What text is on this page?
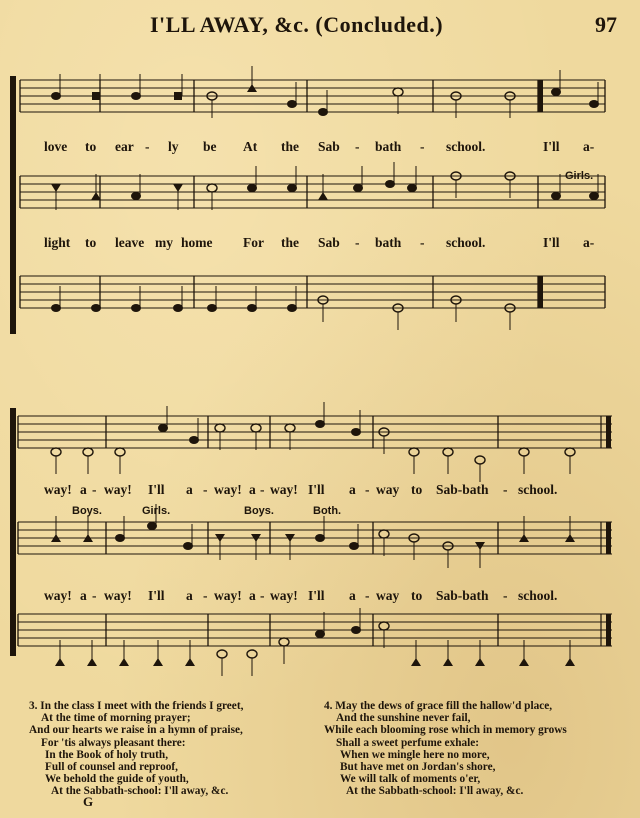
I'LL AWAY, &c. (Concluded.)	97
love to ear - ly be At the Sab - bath - school.	I'll a-
light to leave my home For the Sab - bath - school.	I'll a-
Girls.
way! a - way! I'll a - way! a - way! I'll a - way to Sab-bath - school.
way! a - way! I'll a - way! a - way! I'll a - way to Sab-bath - school.
Boys.	Girls.	Boys.	Both.
3. In the class I meet with the friends I greet,
At the time of morning prayer;
And our hearts we raise in a hymn of praise,
For 'tis always pleasant there:
In the Book of holy truth,
Full of counsel and reproof,
We behold the guide of youth,
At the Sabbath-school: I'll away, &c.
4. May the dews of grace fill the hallow'd place,
And the sunshine never fail,
While each blooming rose which in memory grows
Shall a sweet perfume exhale:
When we mingle here no more,
But have met on Jordan's shore,
We will talk of moments o'er,
At the Sabbath-school: I'll away, &c.
G
